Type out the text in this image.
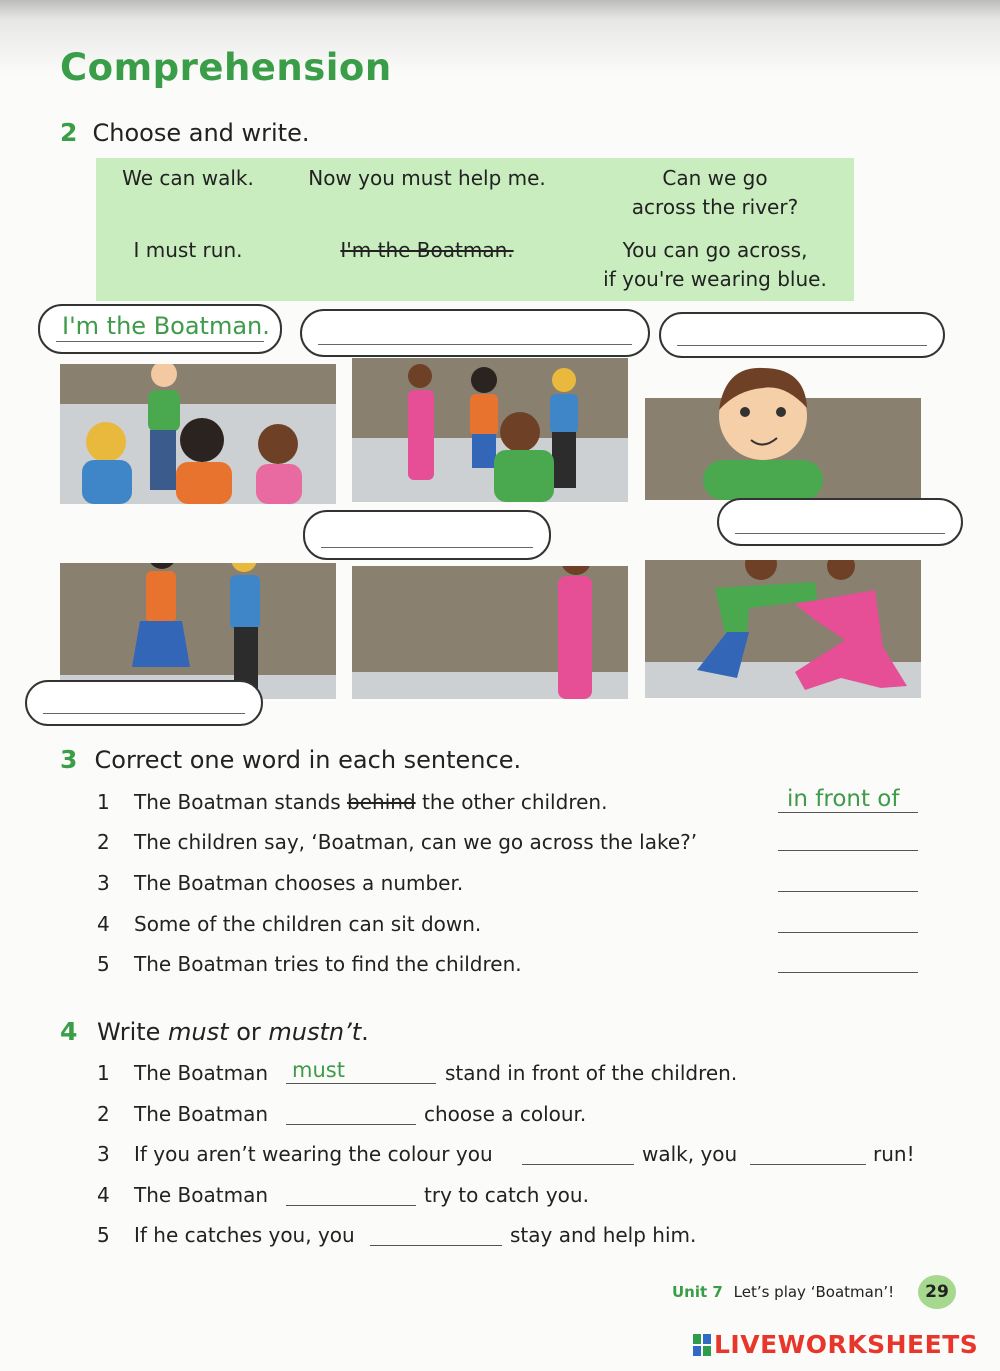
Comprehension
2 Choose and write.
We can walk.	Now you must help me.	Can we go
across the river?
I must run.	I'm the Boatman.	You can go across,
if you're wearing blue.
I'm the Boatman.
3 Correct one word in each sentence.
1 The Boatman stands behind the other children.	in front of
2 The children say, ‘Boatman, can we go across the lake?’
3 The Boatman chooses a number.
4 Some of the children can sit down.
5 The Boatman tries to find the children.
4 Write must or mustn’t.
1 The Boatman must	stand in front of the children.
2 The Boatman	choose a colour.
3 If you aren’t wearing the colour you	walk, you	run!
4 The Boatman	try to catch you.
5 If he catches you, you	stay and help him.
Unit 7 Let’s play ‘Boatman’!	29
LIVEWORKSHEETS
